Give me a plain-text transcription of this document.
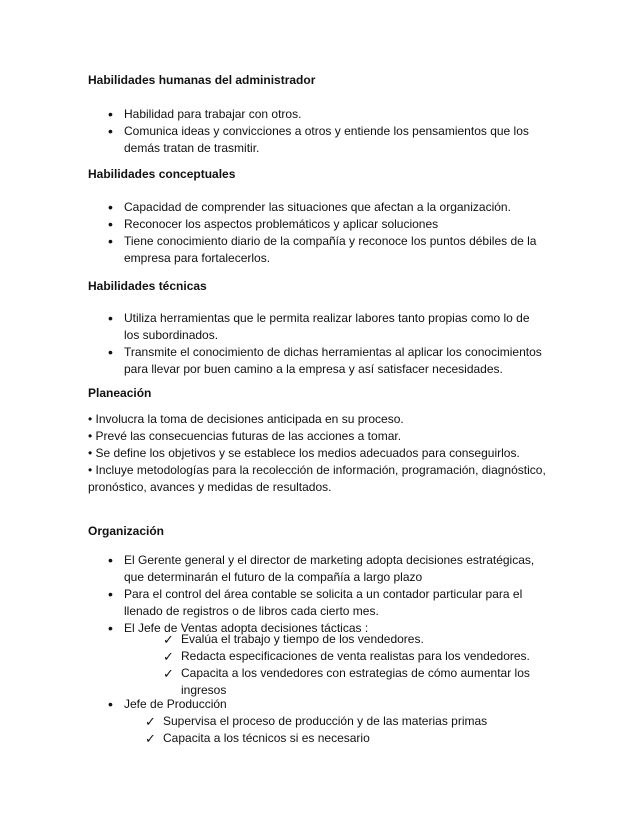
Habilidades humanas del administrador
• Habilidad para trabajar con otros.
• Comunica ideas y convicciones a otros y entiende los pensamientos que los demás tratan de trasmitir.
Habilidades conceptuales
• Capacidad de comprender las situaciones que afectan a la organización.
• Reconocer los aspectos problemáticos y aplicar soluciones
• Tiene conocimiento diario de la compañía y reconoce los puntos débiles de la empresa para fortalecerlos.
Habilidades técnicas
• Utiliza herramientas que le permita realizar labores tanto propias como lo de los subordinados.
• Transmite el conocimiento de dichas herramientas al aplicar los conocimientos para llevar por buen camino a la empresa y así satisfacer necesidades.
Planeación

• Involucra la toma de decisiones anticipada en su proceso.

• Prevé las consecuencias futuras de las acciones a tomar.

• Se define los objetivos y se establece los medios adecuados para conseguirlos.

• Incluye metodologías para la recolección de información, programación, diagnóstico, pronóstico, avances y medidas de resultados.

Organización
• El Gerente general y el director de marketing adopta decisiones estratégicas, que determinarán el futuro de la compañía a largo plazo
• Para el control del área contable se solicita a un contador particular para el llenado de registros o de libros cada cierto mes.
• El Jefe de Ventas adopta decisiones tácticas :
✓ Evalúa el trabajo y tiempo de los vendedores.
✓ Redacta especificaciones de venta realistas para los vendedores.
✓ Capacita a los vendedores con estrategias de cómo aumentar los ingresos
• Jefe de Producción
✓ Supervisa el proceso de producción y de las materias primas
✓ Capacita a los técnicos si es necesario
